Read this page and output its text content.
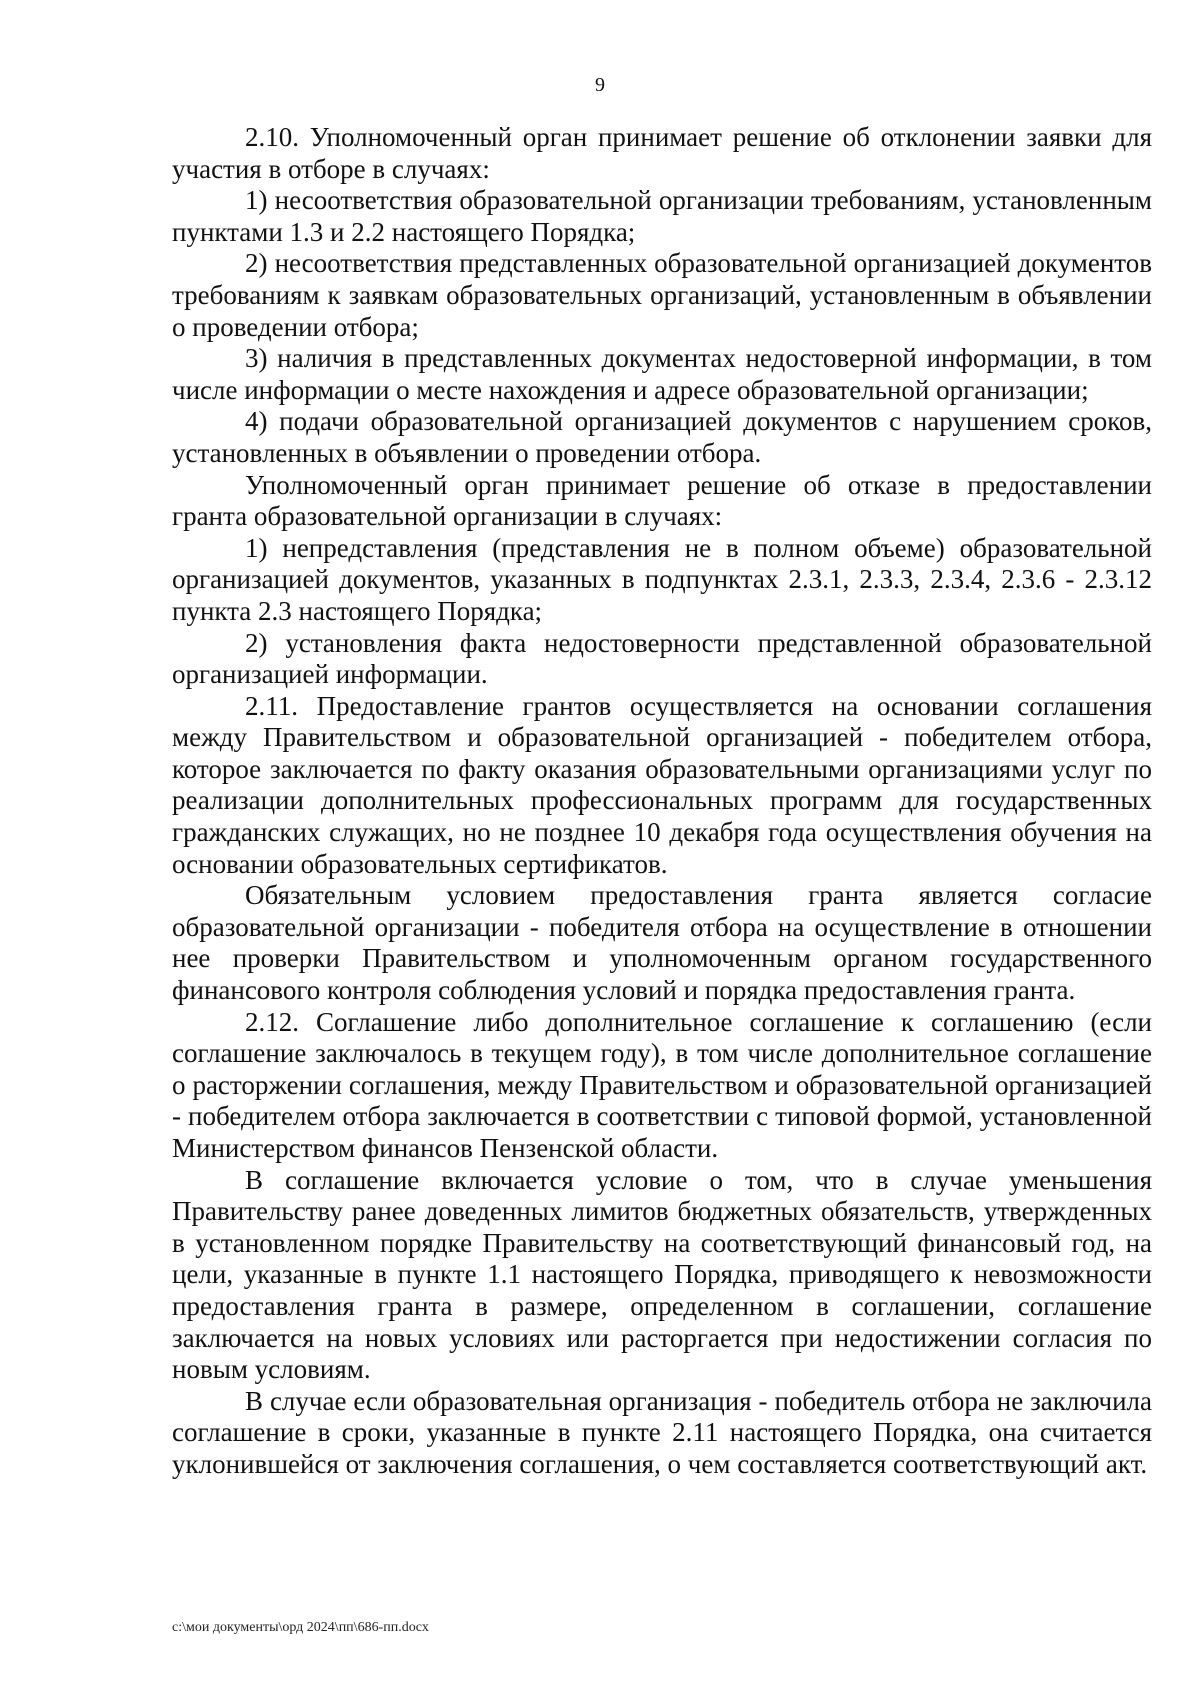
9

2.10. Уполномоченный орган принимает решение об отклонении заявки для участия в отборе в случаях:

1) несоответствия образовательной организации требованиям, установленным пунктами 1.3 и 2.2 настоящего Порядка;

2) несоответствия представленных образовательной организацией документов требованиям к заявкам образовательных организаций, установленным в объявлении о проведении отбора;

3) наличия в представленных документах недостоверной информации, в том числе информации о месте нахождения и адресе образовательной организации;

4) подачи образовательной организацией документов с нарушением сроков, установленных в объявлении о проведении отбора.

Уполномоченный орган принимает решение об отказе в предоставлении гранта образовательной организации в случаях:

1) непредставления (представления не в полном объеме) образовательной организацией документов, указанных в подпунктах 2.3.1, 2.3.3, 2.3.4, 2.3.6 - 2.3.12 пункта 2.3 настоящего Порядка;

2) установления факта недостоверности представленной образовательной организацией информации.

2.11. Предоставление грантов осуществляется на основании соглашения между Правительством и образовательной организацией - победителем отбора, которое заключается по факту оказания образовательными организациями услуг по реализации дополнительных профессиональных программ для государственных гражданских служащих, но не позднее 10 декабря года осуществления обучения на основании образовательных сертификатов.

Обязательным условием предоставления гранта является согласие образовательной организации - победителя отбора на осуществление в отношении нее проверки Правительством и уполномоченным органом государственного финансового контроля соблюдения условий и порядка предоставления гранта.

2.12. Соглашение либо дополнительное соглашение к соглашению (если соглашение заключалось в текущем году), в том числе дополнительное соглашение о расторжении соглашения, между Правительством и образовательной организацией - победителем отбора заключается в соответствии с типовой формой, установленной Министерством финансов Пензенской области.

В соглашение включается условие о том, что в случае уменьшения Правительству ранее доведенных лимитов бюджетных обязательств, утвержденных в установленном порядке Правительству на соответствующий финансовый год, на цели, указанные в пункте 1.1 настоящего Порядка, приводящего к невозможности предоставления гранта в размере, определенном в соглашении, соглашение заключается на новых условиях или расторгается при недостижении согласия по новым условиям.

В случае если образовательная организация - победитель отбора не заключила соглашение в сроки, указанные в пункте 2.11 настоящего Порядка, она считается уклонившейся от заключения соглашения, о чем составляется соответствующий акт.

c:\мои документы\орд 2024\пп\686-пп.docx
